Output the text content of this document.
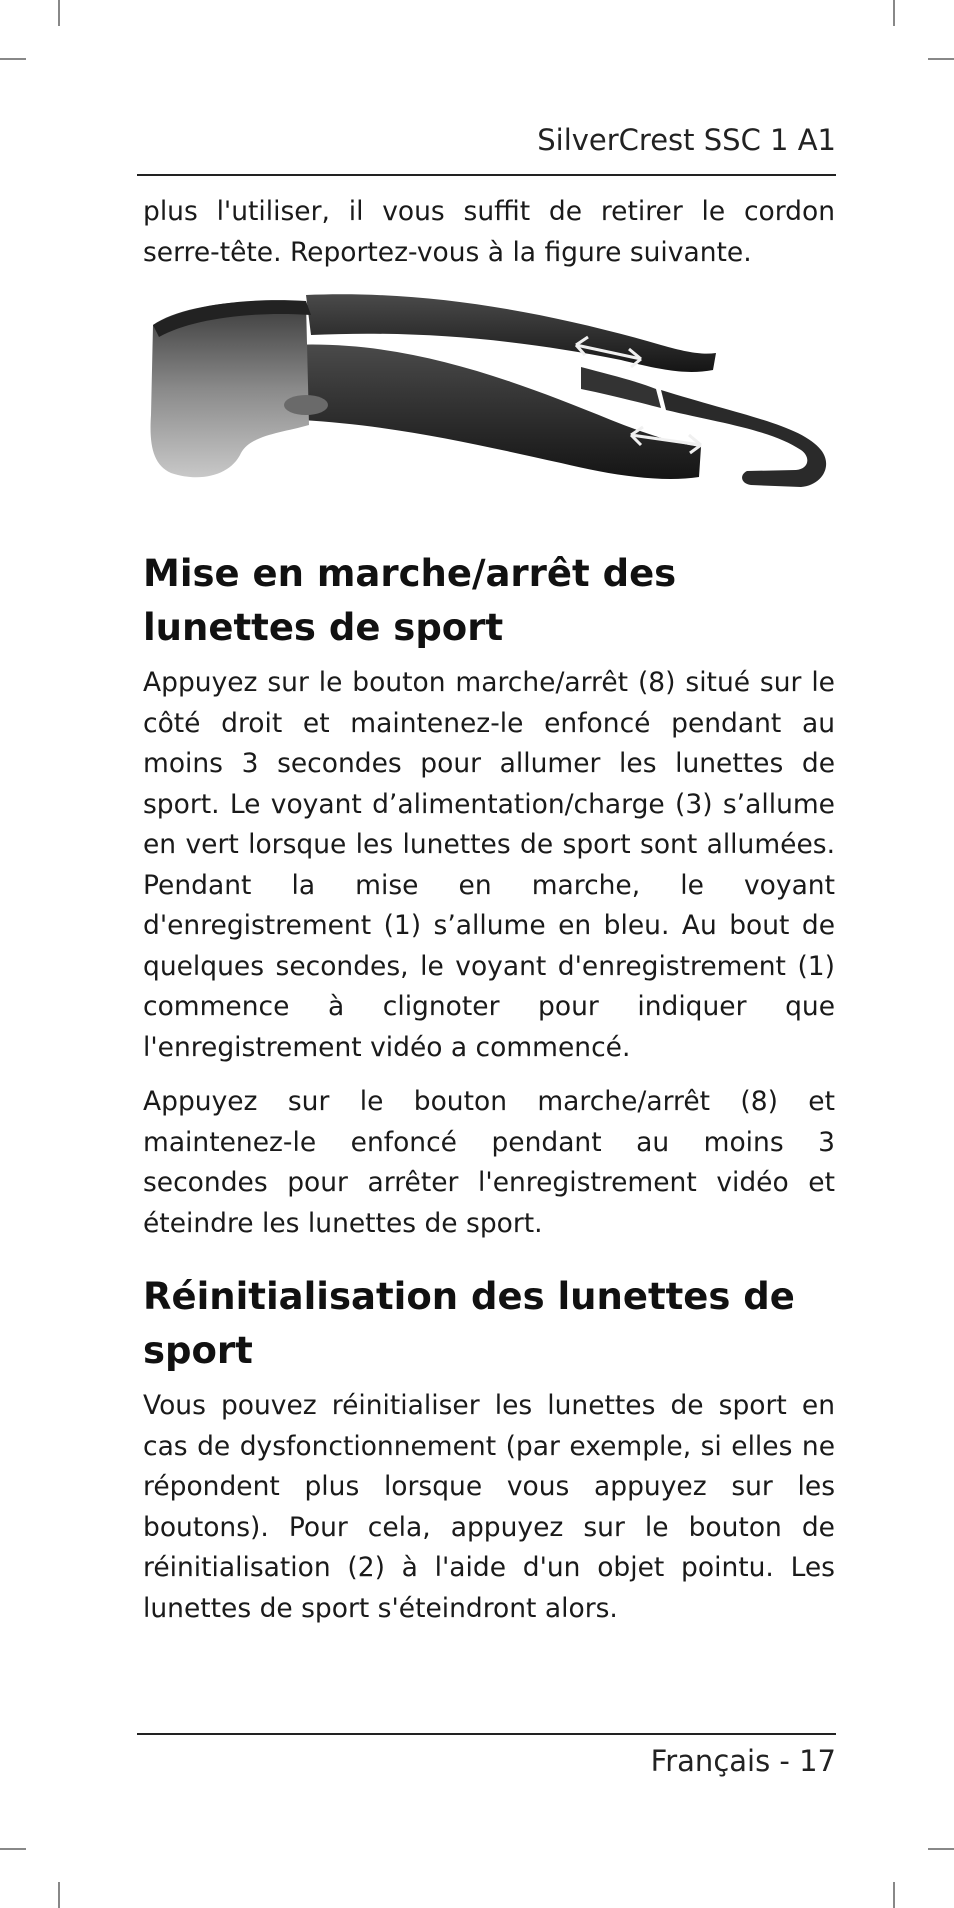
SilverCrest SSC 1 A1

plus l'utiliser, il vous suffit de retirer le cordon serre-tête. Reportez-vous à la figure suivante.

Mise en marche/arrêt des lunettes de sport

Appuyez sur le bouton marche/arrêt (8) situé sur le côté droit et maintenez-le enfoncé pendant au moins 3 secondes pour allumer les lunettes de sport. Le voyant d’alimentation/charge (3) s’allume en vert lorsque les lunettes de sport sont allumées. Pendant la mise en marche, le voyant d'enregistrement (1) s’allume en bleu. Au bout de quelques secondes, le voyant d'enregistrement (1) commence à clignoter pour indiquer que l'enregistrement vidéo a commencé.

Appuyez sur le bouton marche/arrêt (8) et maintenez-le enfoncé pendant au moins 3 secondes pour arrêter l'enregistrement vidéo et éteindre les lunettes de sport.

Réinitialisation des lunettes de sport

Vous pouvez réinitialiser les lunettes de sport en cas de dysfonctionnement (par exemple, si elles ne répondent plus lorsque vous appuyez sur les boutons). Pour cela, appuyez sur le bouton de réinitialisation (2) à l'aide d'un objet pointu. Les lunettes de sport s'éteindront alors.

Français - 17
